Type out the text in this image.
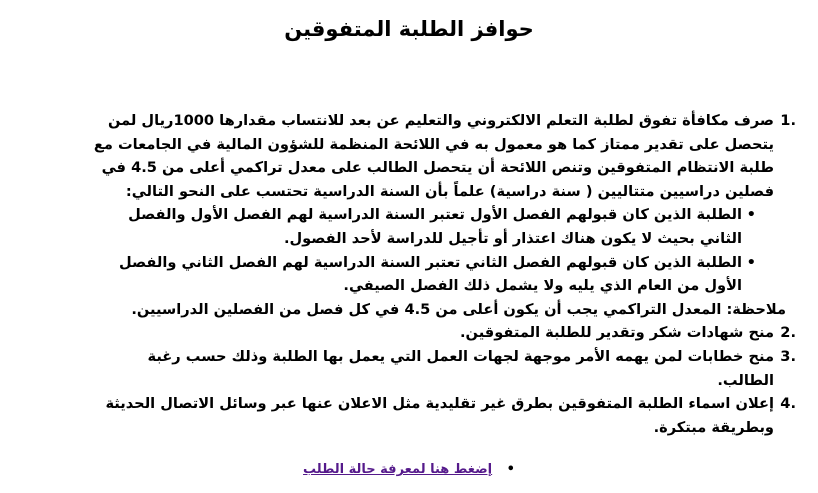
حوافز الطلبة المتفوقين
.1
صرف مكافأة تفوق لطلبة التعلم الالكتروني والتعليم عن بعد للانتساب مقدارها 1000ريال لمن يتحصل على تقدير ممتاز كما هو معمول به في اللائحة المنظمة للشؤون المالية في الجامعات مع طلبة الانتظام المتفوقين وتنص اللائحة أن يتحصل الطالب على معدل تراكمي أعلى من 4.5 في فصلين دراسيين متتاليين ( سنة دراسية) علماً بأن السنة الدراسية تحتسب على النحو التالي:
•
الطلبة الذين كان قبولهم الفصل الأول تعتبر السنة الدراسية لهم الفصل الأول والفصل الثاني بحيث لا يكون هناك اعتذار أو تأجيل للدراسة لأحد الفصول.
•
الطلبة الذين كان قبولهم الفصل الثاني تعتبر السنة الدراسية لهم الفصل الثاني والفصل الأول من العام الذي يليه ولا يشمل ذلك الفصل الصيفي.
ملاحظة: المعدل التراكمي يجب أن يكون أعلى من 4.5 في كل فصل من الفصلين الدراسيين.
.2
منح شهادات شكر وتقدير للطلبة المتفوقين.
.3
منح خطابات لمن يهمه الأمر موجهة لجهات العمل التي يعمل بها الطلبة وذلك حسب رغبة الطالب.
.4
إعلان اسماء الطلبة المتفوقين بطرق غير تقليدية مثل الاعلان عنها عبر وسائل الاتصال الحديثة وبطريقة مبتكرة.
• إضغط هنا لمعرفة حالة الطلب
